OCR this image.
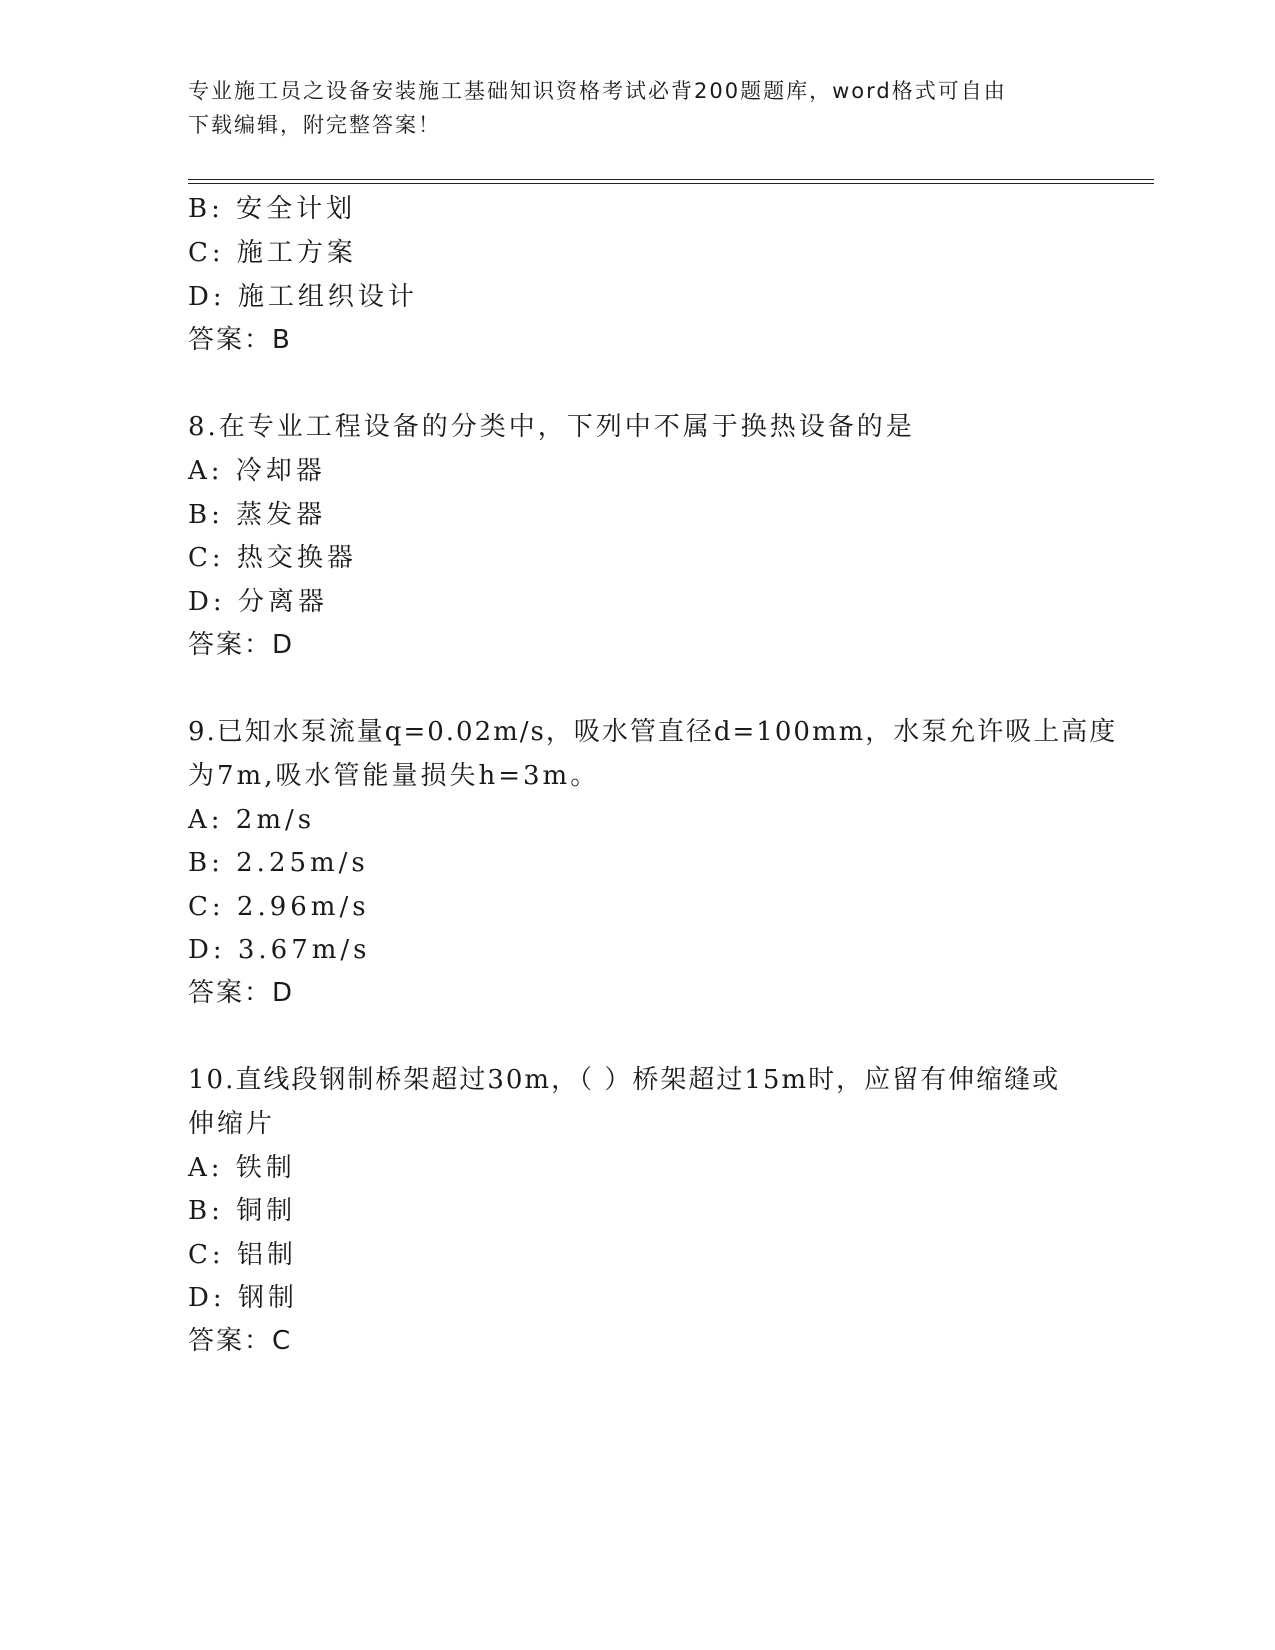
专业施工员之设备安装施工基础知识资格考试必背200题题库，word格式可自由
下载编辑，附完整答案！
B: 安全计划
C: 施工方案
D: 施工组织设计
答案：B
8.在专业工程设备的分类中，下列中不属于换热设备的是
A: 冷却器
B: 蒸发器
C: 热交换器
D: 分离器
答案：D
9.已知水泵流量q=0.02m/s，吸水管直径d=100mm，水泵允许吸上高度
为7m,吸水管能量损失h=3m。
A: 2m/s
B: 2.25m/s
C: 2.96m/s
D: 3.67m/s
答案：D
10.直线段钢制桥架超过30m，（ ）桥架超过15m时，应留有伸缩缝或
伸缩片
A: 铁制
B: 铜制
C: 铝制
D: 钢制
答案：C
